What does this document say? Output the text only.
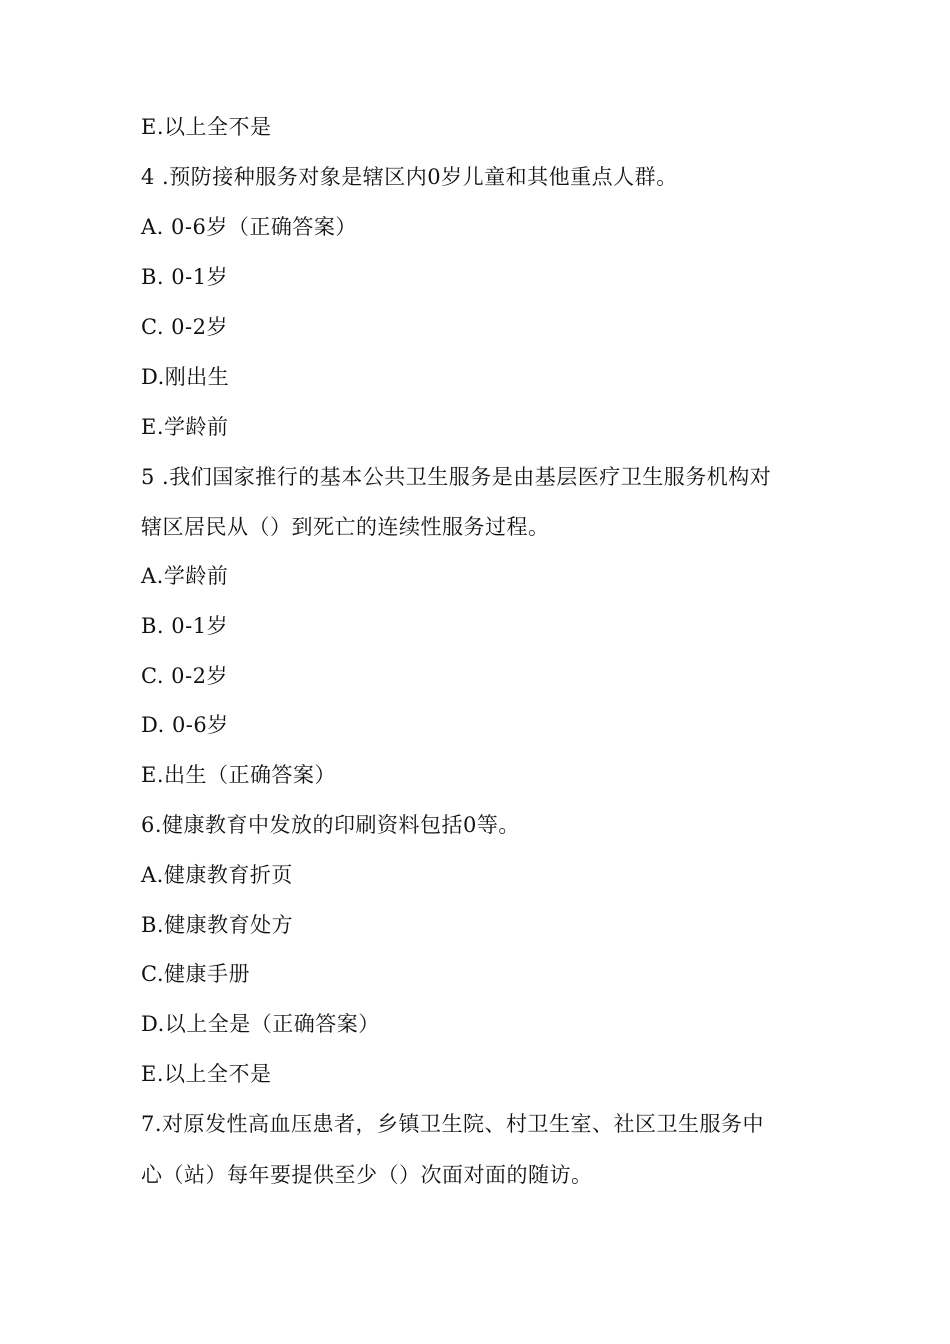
E.以上全不是
4 .预防接种服务对象是辖区内0岁儿童和其他重点人群。
A. 0-6岁（正确答案）
B. 0-1岁
C. 0-2岁
D.刚出生
E.学龄前
5 .我们国家推行的基本公共卫生服务是由基层医疗卫生服务机构对
辖区居民从（）到死亡的连续性服务过程。
A.学龄前
B. 0-1岁
C. 0-2岁
D. 0-6岁
E.出生（正确答案）
6.健康教育中发放的印刷资料包括0等。
A.健康教育折页
B.健康教育处方
C.健康手册
D.以上全是（正确答案）
E.以上全不是
7.对原发性高血压患者，乡镇卫生院、村卫生室、社区卫生服务中
心（站）每年要提供至少（）次面对面的随访。
